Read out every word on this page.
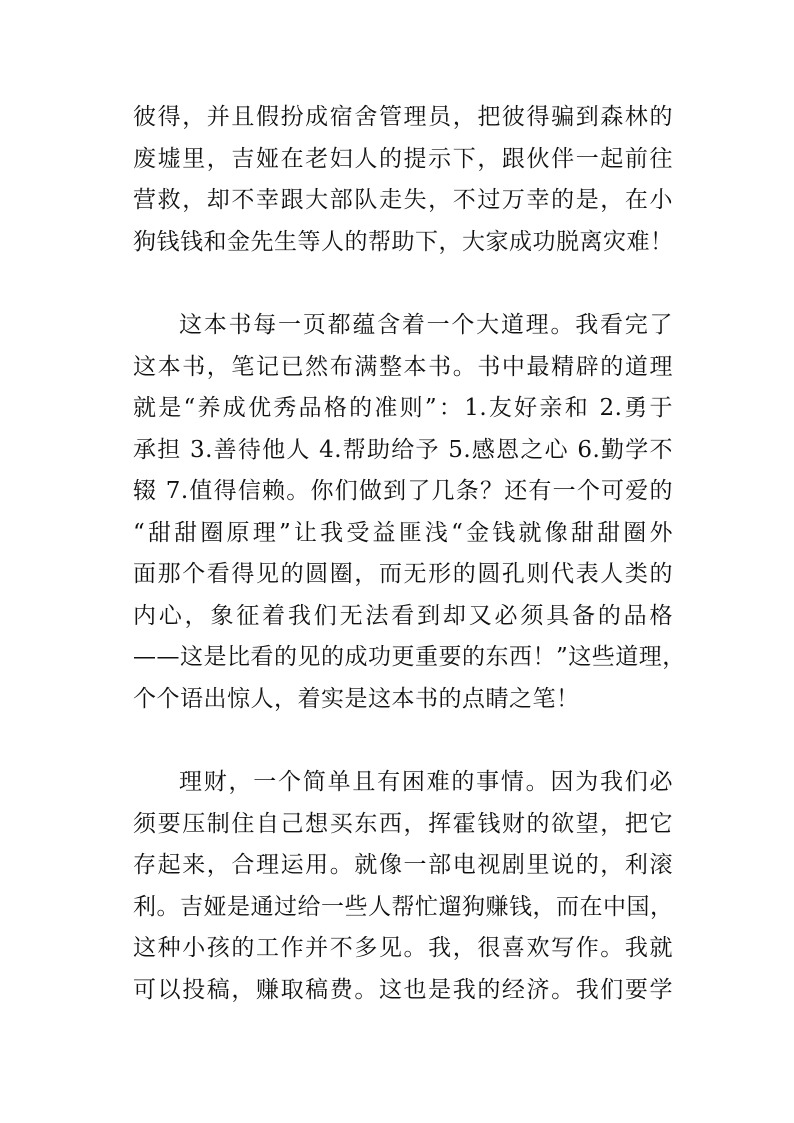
彼得，并且假扮成宿舍管理员，把彼得骗到森林的
废墟里，吉娅在老妇人的提示下，跟伙伴一起前往
营救，却不幸跟大部队走失，不过万幸的是，在小
狗钱钱和金先生等人的帮助下，大家成功脱离灾难！
这本书每一页都蕴含着一个大道理。我看完了
这本书，笔记已然布满整本书。书中最精辟的道理
就是“养成优秀品格的准则”：1.友好亲和 2.勇于
承担 3.善待他人 4.帮助给予 5.感恩之心 6.勤学不
辍 7.值得信赖。你们做到了几条？还有一个可爱的
“甜甜圈原理”让我受益匪浅“金钱就像甜甜圈外
面那个看得见的圆圈，而无形的圆孔则代表人类的
内心，象征着我们无法看到却又必须具备的品格
——这是比看的见的成功更重要的东西！”这些道理，
个个语出惊人，着实是这本书的点睛之笔！
理财，一个简单且有困难的事情。因为我们必
须要压制住自己想买东西，挥霍钱财的欲望，把它
存起来，合理运用。就像一部电视剧里说的，利滚
利。吉娅是通过给一些人帮忙遛狗赚钱，而在中国，
这种小孩的工作并不多见。我，很喜欢写作。我就
可以投稿，赚取稿费。这也是我的经济。我们要学
